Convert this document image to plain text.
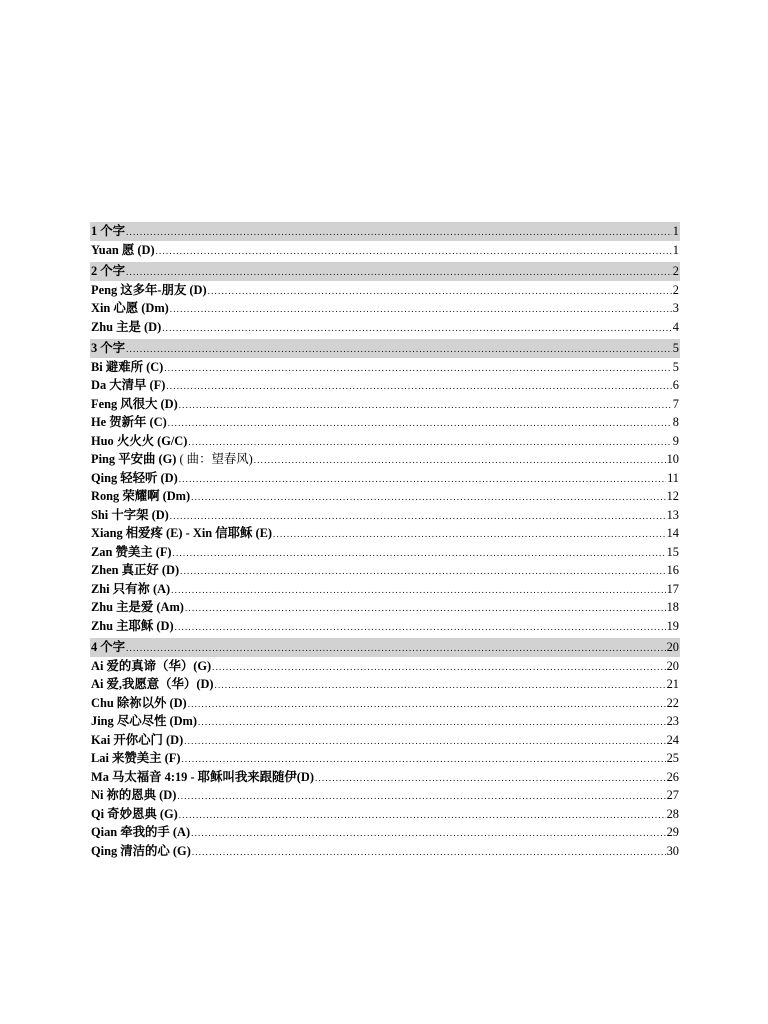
1 个字 .....	1
Yuan 愿 (D) .....	1
2 个字 .....	2
Peng 这多年-朋友 (D) .....	2
Xin 心愿 (Dm) .....	3
Zhu 主是 (D) .....	4
3 个字 .....	5
Bi 避难所 (C) .....	5
Da 大清早 (F) .....	6
Feng 风很大 (D) .....	7
He 贺新年 (C) .....	8
Huo 火火火 (G/C) .....	9
Ping 平安曲 (G) ( 曲：望春风) .....	10
Qing 轻轻听 (D) .....	11
Rong 荣耀啊 (Dm) .....	12
Shi 十字架 (D) .....	13
Xiang 相爱疼 (E) - Xin 信耶稣 (E) .....	14
Zan 赞美主 (F) .....	15
Zhen 真正好 (D) .....	16
Zhi 只有祢 (A) .....	17
Zhu 主是爱 (Am) .....	18
Zhu 主耶稣 (D) .....	19
4 个字 .....	20
Ai 爱的真谛（华）(G) .....	20
Ai 爱,我愿意（华）(D) .....	21
Chu 除祢以外 (D) .....	22
Jing 尽心尽性 (Dm) .....	23
Kai 开你心门 (D) .....	24
Lai 来赞美主 (F) .....	25
Ma 马太福音 4:19 - 耶稣叫我来跟随伊(D) .....	26
Ni 祢的恩典 (D) .....	27
Qi 奇妙恩典 (G) .....	28
Qian 牵我的手 (A) .....	29
Qing 清洁的心 (G) .....	30
